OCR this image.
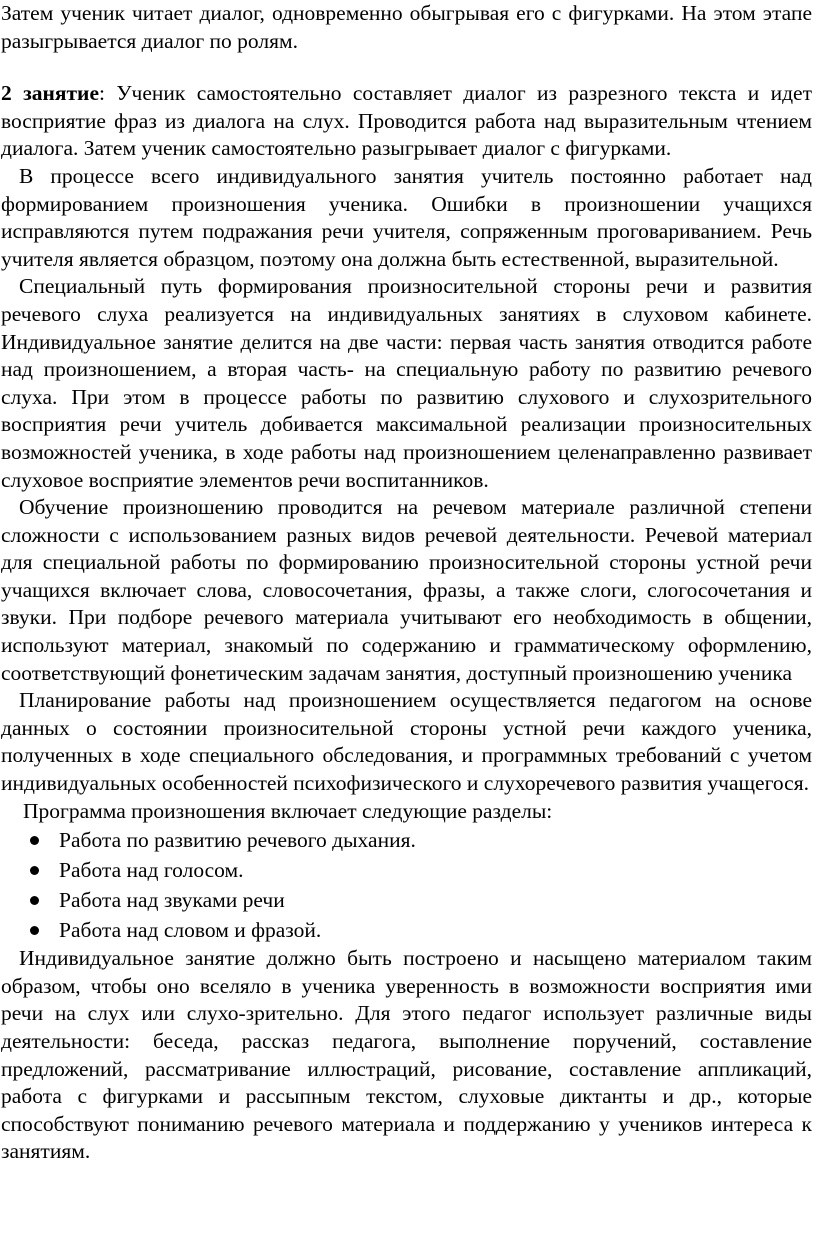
Затем ученик читает диалог, одновременно обыгрывая его с фигурками. На этом этапе разыгрывается диалог по ролям.

2 занятие: Ученик самостоятельно составляет диалог из разрезного текста и идет восприятие фраз из диалога на слух. Проводится работа над выразительным чтением диалога. Затем ученик самостоятельно разыгрывает диалог с фигурками.

В процессе всего индивидуального занятия учитель постоянно работает над формированием произношения ученика. Ошибки в произношении учащихся исправляются путем подражания речи учителя, сопряженным проговариванием. Речь учителя является образцом, поэтому она должна быть естественной, выразительной.

Специальный путь формирования произносительной стороны речи и развития речевого слуха реализуется на индивидуальных занятиях в слуховом кабинете. Индивидуальное занятие делится на две части: первая часть занятия отводится работе над произношением, а вторая часть- на специальную работу по развитию речевого слуха. При этом в процессе работы по развитию слухового и слухозрительного восприятия речи учитель добивается максимальной реализации произносительных возможностей ученика, в ходе работы над произношением целенаправленно развивает слуховое восприятие элементов речи воспитанников.

Обучение произношению проводится на речевом материале различной степени сложности с использованием разных видов речевой деятельности. Речевой материал для специальной работы по формированию произносительной стороны устной речи учащихся включает слова, словосочетания, фразы, а также слоги, слогосочетания и звуки. При подборе речевого материала учитывают его необходимость в общении, используют материал, знакомый по содержанию и грамматическому оформлению, соответствующий фонетическим задачам занятия, доступный произношению ученика

Планирование работы над произношением осуществляется педагогом на основе данных о состоянии произносительной стороны устной речи каждого ученика, полученных в ходе специального обследования, и программных требований с учетом индивидуальных особенностей психофизического и слухоречевого развития учащегося.

Программа произношения включает следующие разделы:

Работа по развитию речевого дыхания.
Работа над голосом.
Работа над звуками речи
Работа над словом и фразой.

Индивидуальное занятие должно быть построено и насыщено материалом таким образом, чтобы оно вселяло в ученика уверенность в возможности восприятия ими речи на слух или слухо-зрительно. Для этого педагог использует различные виды деятельности: беседа, рассказ педагога, выполнение поручений, составление предложений, рассматривание иллюстраций, рисование, составление аппликаций, работа с фигурками и рассыпным текстом, слуховые диктанты и др., которые способствуют пониманию речевого материала и поддержанию у учеников интереса к занятиям.
